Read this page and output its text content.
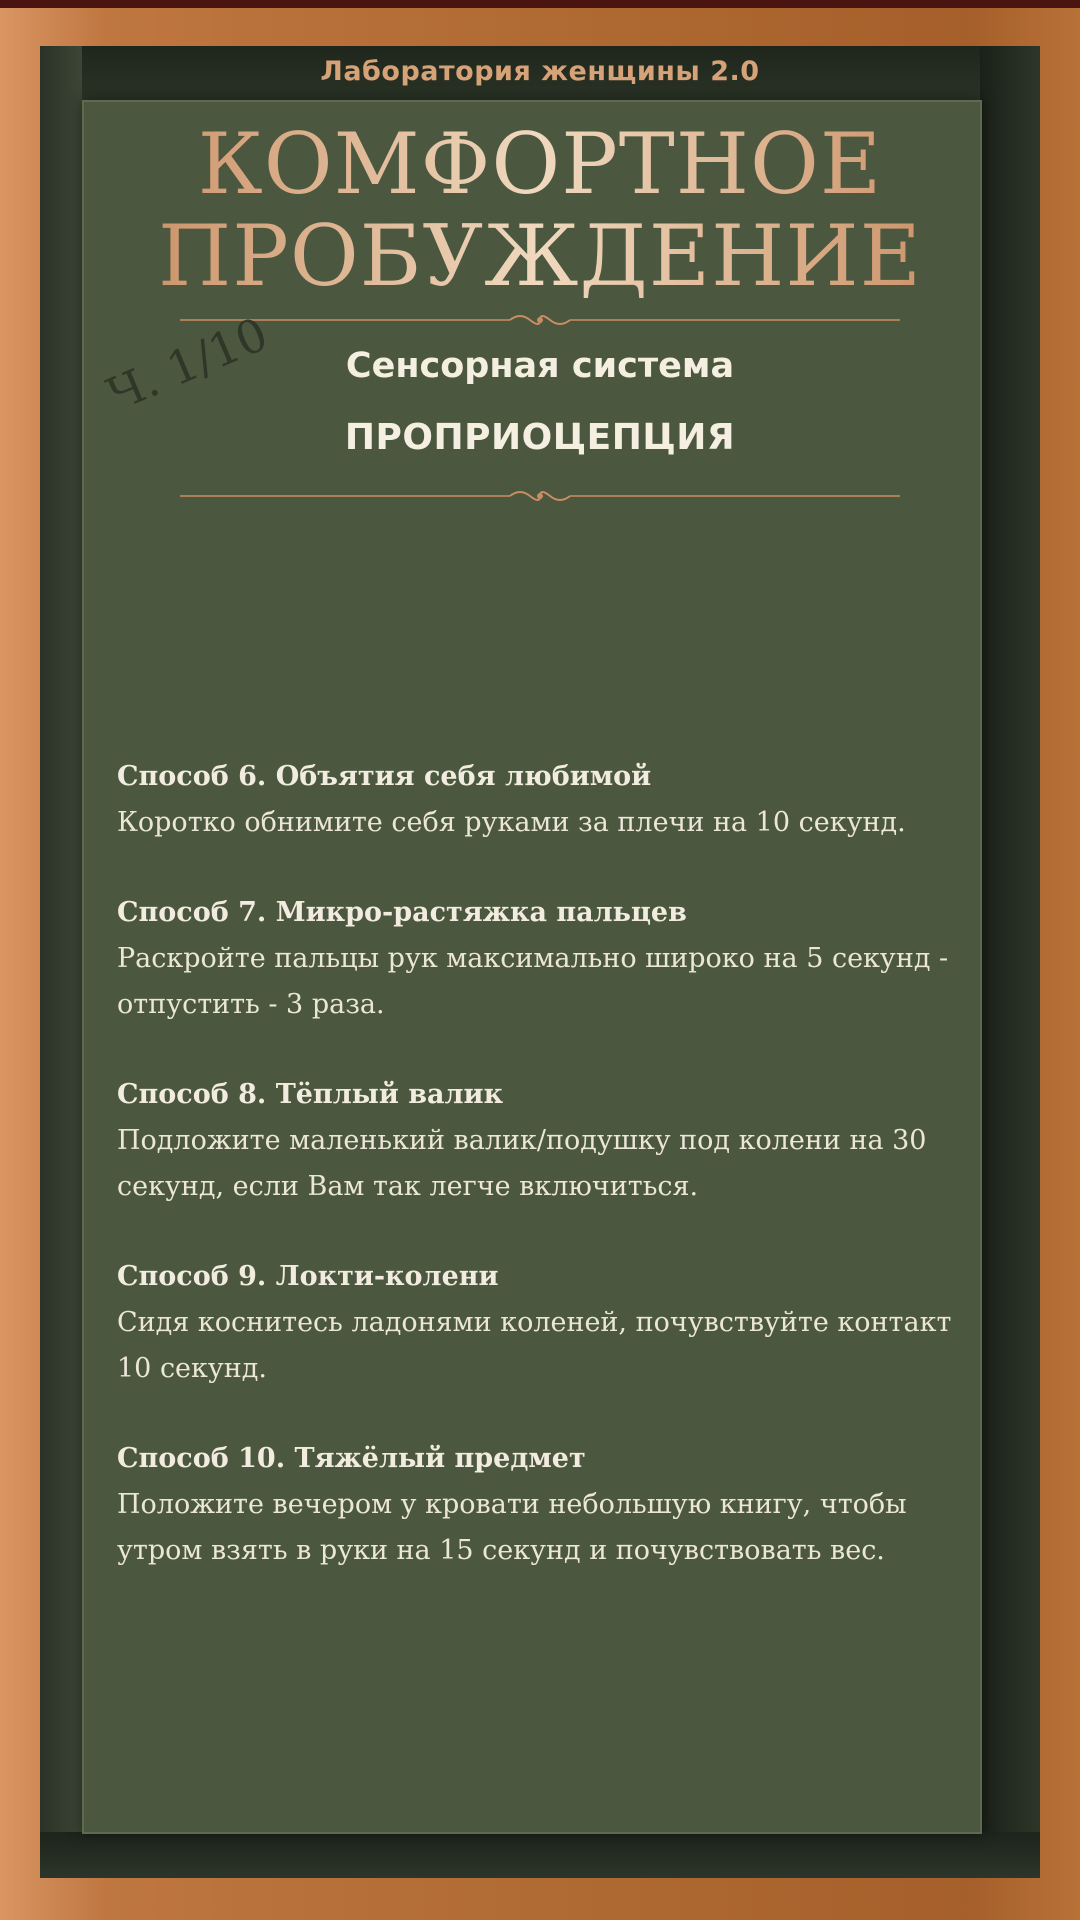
Лаборатория женщины 2.0
КОМФОРТНОЕ
ПРОБУЖДЕНИЕ
Ч. 1/10	Сенсорная система
ПРОПРИОЦЕПЦИЯ
Способ 6. Объятия себя любимой
Коротко обнимите себя руками за плечи на 10 секунд.
Способ 7. Микро-растяжка пальцев
Раскройте пальцы рук максимально широко на 5 секунд - отпустить - 3 раза.
Способ 8. Тёплый валик
Подложите маленький валик/подушку под колени на 30 секунд, если Вам так легче включиться.
Способ 9. Локти-колени
Сидя коснитесь ладонями коленей, почувствуйте контакт 10 секунд.
Способ 10. Тяжёлый предмет
Положите вечером у кровати небольшую книгу, чтобы утром взять в руки на 15 секунд и почувствовать вес.
